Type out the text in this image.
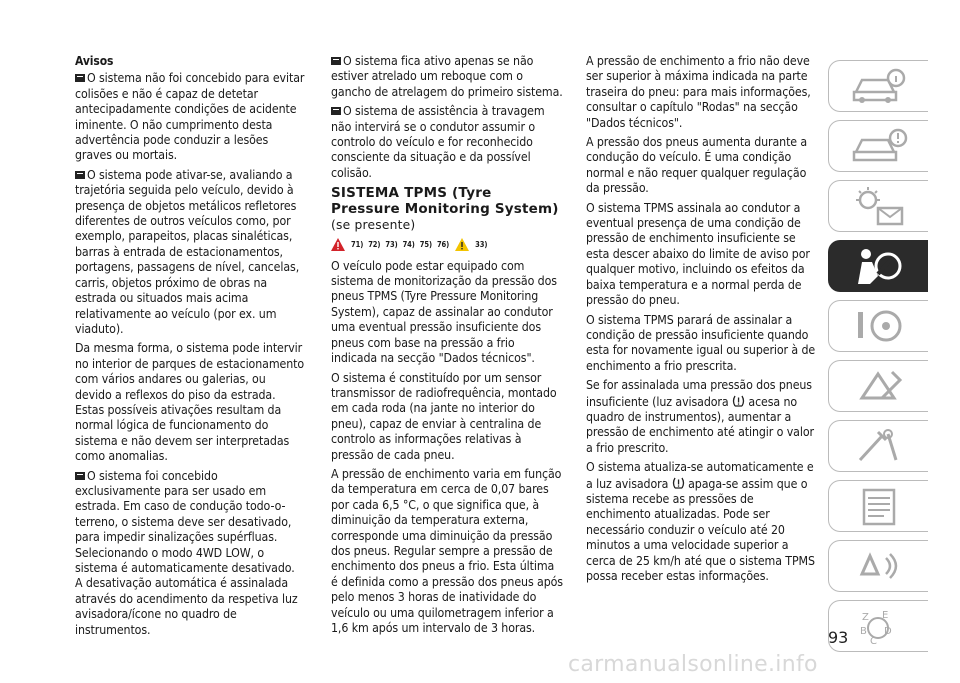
Avisos

O sistema não foi concebido para evitar colisões e não é capaz de detetar antecipadamente condições de acidente iminente. O não cumprimento desta advertência pode conduzir a lesões graves ou mortais.

O sistema pode ativar-se, avaliando a trajetória seguida pelo veículo, devido à presença de objetos metálicos refletores diferentes de outros veículos como, por exemplo, parapeitos, placas sinaléticas, barras à entrada de estacionamentos, portagens, passagens de nível, cancelas, carris, objetos próximo de obras na estrada ou situados mais acima relativamente ao veículo (por ex. um viaduto).

Da mesma forma, o sistema pode intervir no interior de parques de estacionamento com vários andares ou galerias, ou devido a reflexos do piso da estrada. Estas possíveis ativações resultam da normal lógica de funcionamento do sistema e não devem ser interpretadas como anomalias.

O sistema foi concebido exclusivamente para ser usado em estrada. Em caso de condução todo-o-terreno, o sistema deve ser desativado, para impedir sinalizações supérfluas. Selecionando o modo 4WD LOW, o sistema é automaticamente desativado. A desativação automática é assinalada através do acendimento da respetiva luz avisadora/ícone no quadro de instrumentos.

O sistema fica ativo apenas se não estiver atrelado um reboque com o gancho de atrelagem do primeiro sistema.

O sistema de assistência à travagem não intervirá se o condutor assumir o controlo do veículo e for reconhecido consciente da situação e da possível colisão.

SISTEMA TPMS (Tyre Pressure Monitoring System) (se presente)
71) 72) 73) 74) 75) 76)	33)

O veículo pode estar equipado com sistema de monitorização da pressão dos pneus TPMS (Tyre Pressure Monitoring System), capaz de assinalar ao condutor uma eventual pressão insuficiente dos pneus com base na pressão a frio indicada na secção "Dados técnicos".

O sistema é constituído por um sensor transmissor de radiofrequência, montado em cada roda (na jante no interior do pneu), capaz de enviar à centralina de controlo as informações relativas à pressão de cada pneu.

A pressão de enchimento varia em função da temperatura em cerca de 0,07 bares por cada 6,5 °C, o que significa que, à diminuição da temperatura externa, corresponde uma diminuição da pressão dos pneus. Regular sempre a pressão de enchimento dos pneus a frio. Esta última é definida como a pressão dos pneus após pelo menos 3 horas de inatividade do veículo ou uma quilometragem inferior a 1,6 km após um intervalo de 3 horas.

A pressão de enchimento a frio não deve ser superior à máxima indicada na parte traseira do pneu: para mais informações, consultar o capítulo "Rodas" na secção "Dados técnicos".

A pressão dos pneus aumenta durante a condução do veículo. É uma condição normal e não requer qualquer regulação da pressão.

O sistema TPMS assinala ao condutor a eventual presença de uma condição de pressão de enchimento insuficiente se esta descer abaixo do limite de aviso por qualquer motivo, incluindo os efeitos da baixa temperatura e a normal perda de pressão do pneu.

O sistema TPMS parará de assinalar a condição de pressão insuficiente quando esta for novamente igual ou superior à de enchimento a frio prescrita.

Se for assinalada uma pressão dos pneus insuficiente (luz avisadora acesa no quadro de instrumentos), aumentar a pressão de enchimento até atingir o valor a frio prescrito.

O sistema atualiza-se automaticamente e a luz avisadora apaga-se assim que o sistema recebe as pressões de enchimento atualizadas. Pode ser necessário conduzir o veículo até 20 minutos a uma velocidade superior a cerca de 25 km/h até que o sistema TPMS possa receber estas informações.

Z E
B D
C
93
carmanualsonline.info
